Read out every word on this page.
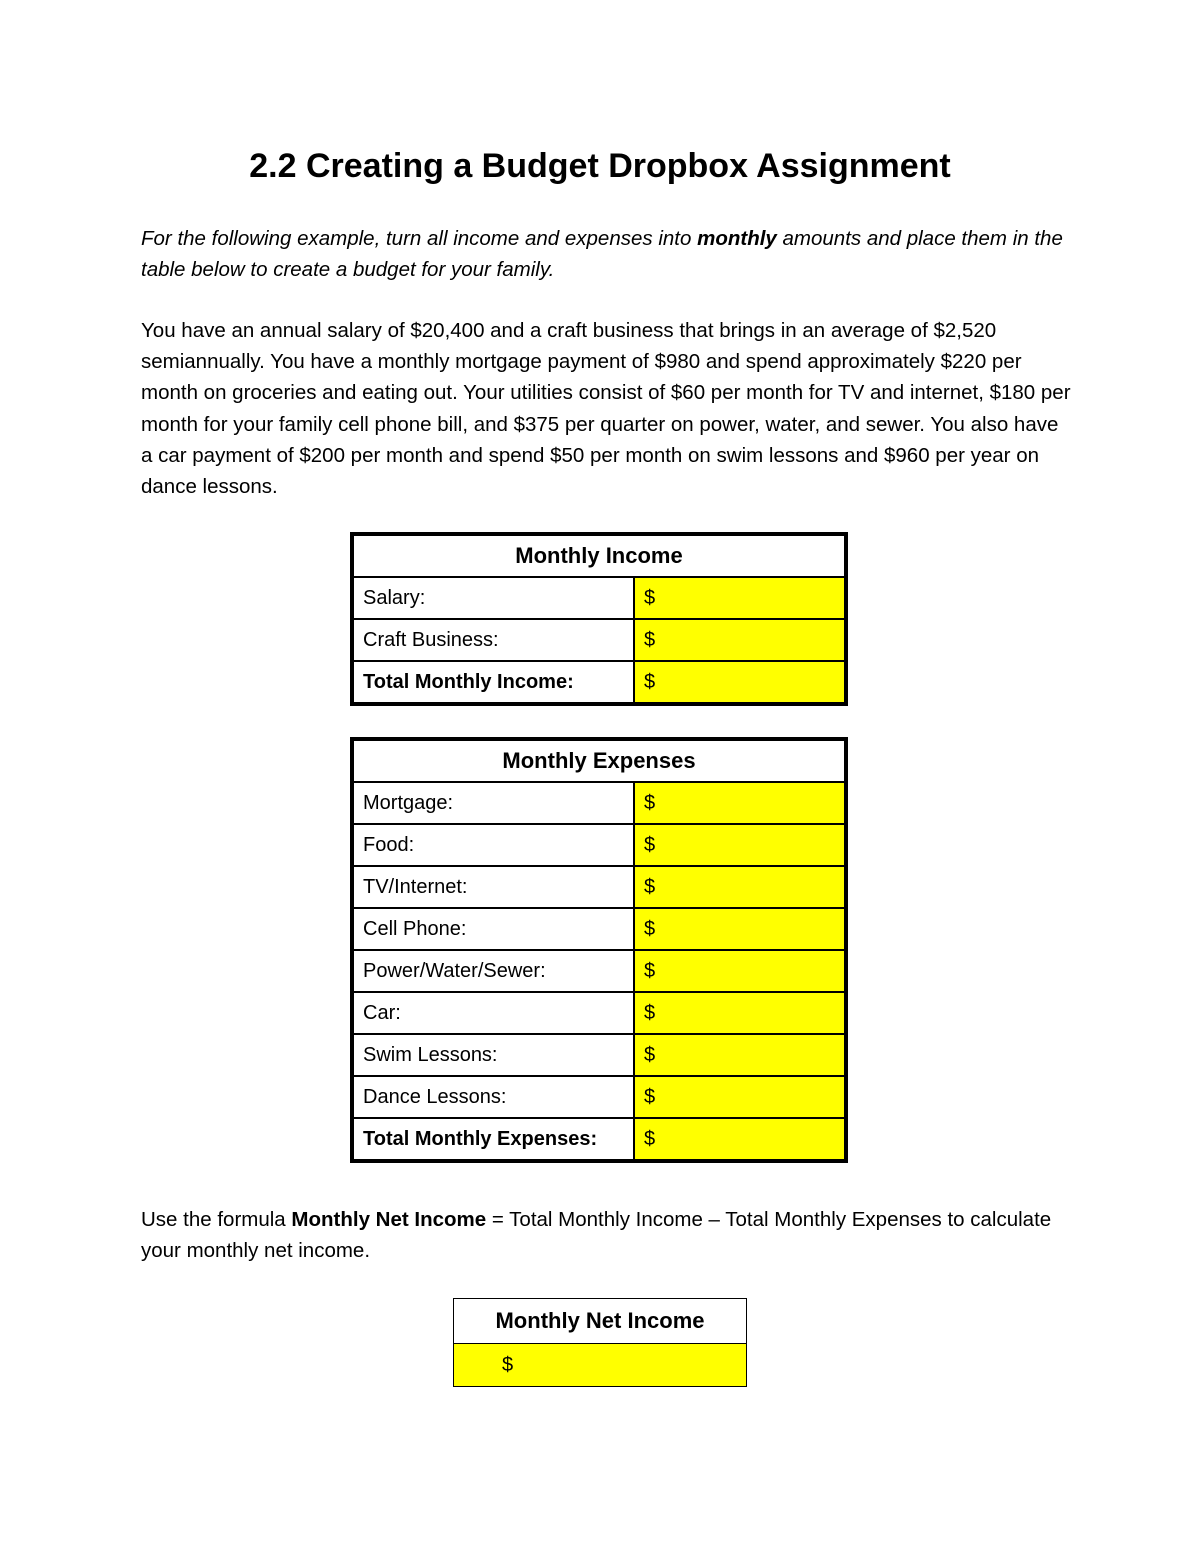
2.2 Creating a Budget Dropbox Assignment

For the following example, turn all income and expenses into monthly amounts and place them in the table below to create a budget for your family.

You have an annual salary of $20,400 and a craft business that brings in an average of $2,520 semiannually. You have a monthly mortgage payment of $980 and spend approximately $220 per month on groceries and eating out. Your utilities consist of $60 per month for TV and internet, $180 per month for your family cell phone bill, and $375 per quarter on power, water, and sewer. You also have a car payment of $200 per month and spend $50 per month on swim lessons and $960 per year on dance lessons.

Monthly Income	
Salary:	$
Craft Business:	$
Total Monthly Income:	$
Monthly Expenses	
Mortgage:	$
Food:	$
TV/Internet:	$
Cell Phone:	$
Power/Water/Sewer:	$
Car:	$
Swim Lessons:	$
Dance Lessons:	$
Total Monthly Expenses:	$

Use the formula Monthly Net Income = Total Monthly Income – Total Monthly Expenses to calculate your monthly net income.

Monthly Net Income
$
